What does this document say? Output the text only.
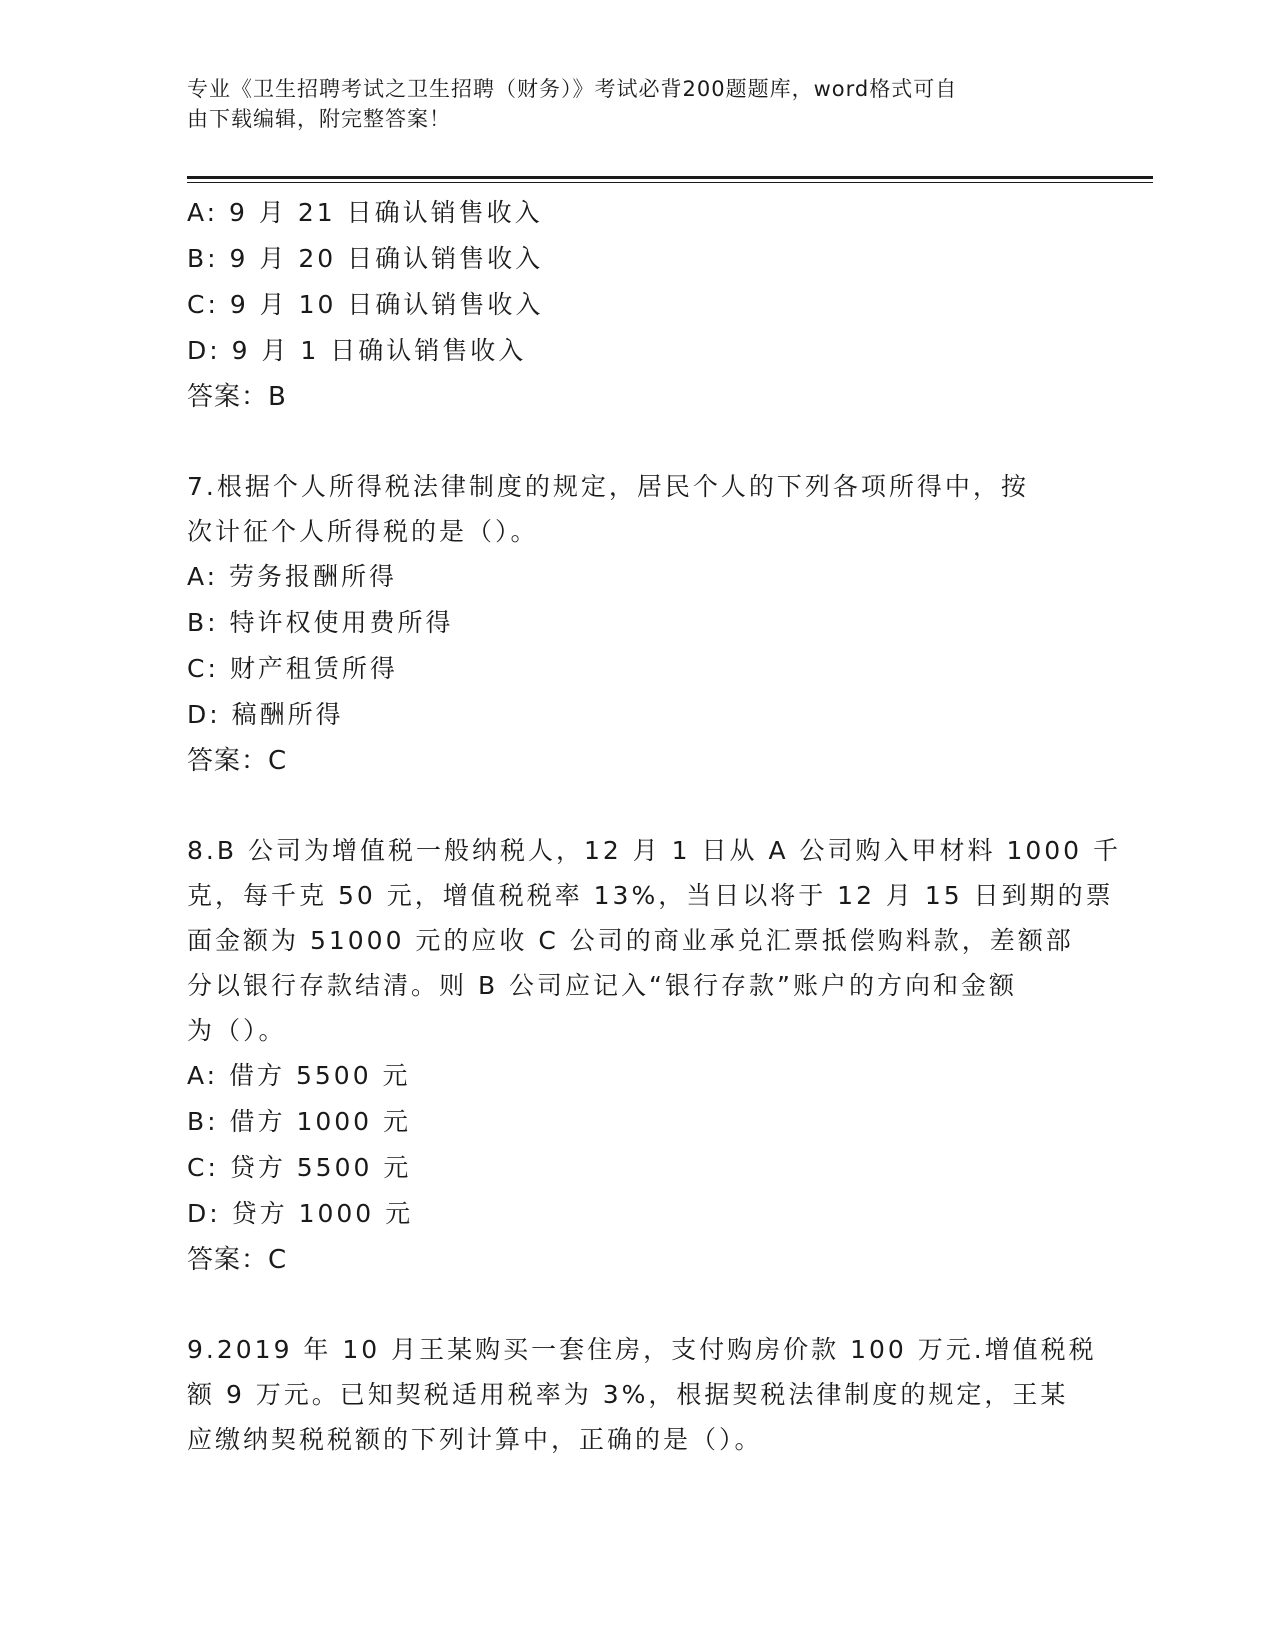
专业《卫生招聘考试之卫生招聘（财务）》考试必背200题题库，word格式可自
由下载编辑，附完整答案！
A: 9 月 21 日确认销售收入
B: 9 月 20 日确认销售收入
C: 9 月 10 日确认销售收入
D: 9 月 1 日确认销售收入
答案：B
7.根据个人所得税法律制度的规定，居民个人的下列各项所得中，按
次计征个人所得税的是（）。
A: 劳务报酬所得
B: 特许权使用费所得
C: 财产租赁所得
D: 稿酬所得
答案：C
8.B 公司为增值税一般纳税人，12 月 1 日从 A 公司购入甲材料 1000 千
克，每千克 50 元，增值税税率 13%，当日以将于 12 月 15 日到期的票
面金额为 51000 元的应收 C 公司的商业承兑汇票抵偿购料款，差额部
分以银行存款结清。则 B 公司应记入“银行存款”账户的方向和金额
为（）。
A: 借方 5500 元
B: 借方 1000 元
C: 贷方 5500 元
D: 贷方 1000 元
答案：C
9.2019 年 10 月王某购买一套住房，支付购房价款 100 万元.增值税税
额 9 万元。已知契税适用税率为 3%，根据契税法律制度的规定，王某
应缴纳契税税额的下列计算中，正确的是（）。
